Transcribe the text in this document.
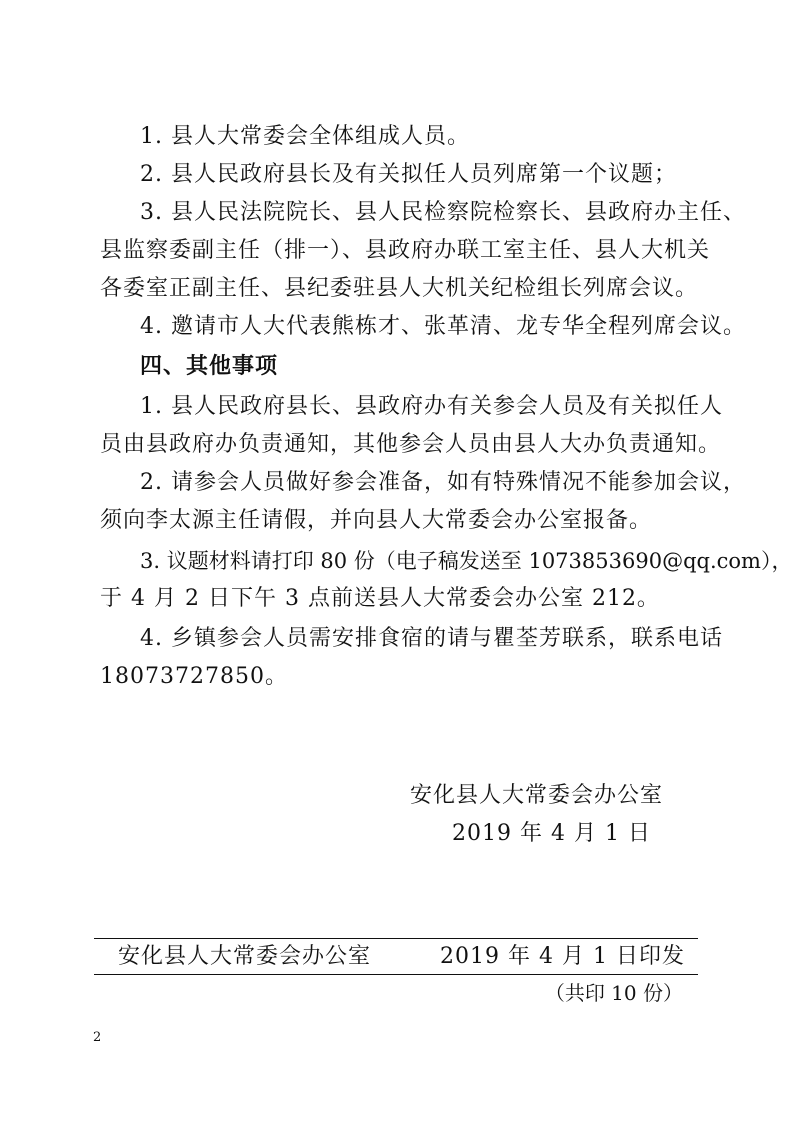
1. 县人大常委会全体组成人员。
2. 县人民政府县长及有关拟任人员列席第一个议题；
3. 县人民法院院长、县人民检察院检察长、县政府办主任、
县监察委副主任（排一）、县政府办联工室主任、县人大机关
各委室正副主任、县纪委驻县人大机关纪检组长列席会议。
4. 邀请市人大代表熊栋才、张革清、龙专华全程列席会议。
四、其他事项
1. 县人民政府县长、县政府办有关参会人员及有关拟任人
员由县政府办负责通知，其他参会人员由县人大办负责通知。
2. 请参会人员做好参会准备，如有特殊情况不能参加会议，
须向李太源主任请假，并向县人大常委会办公室报备。
3. 议题材料请打印 80 份（电子稿发送至 1073853690@qq.com），
于 4 月 2 日下午 3 点前送县人大常委会办公室 212。
4. 乡镇参会人员需安排食宿的请与瞿荃芳联系，联系电话
18073727850。
安化县人大常委会办公室
2019 年 4 月 1 日
安化县人大常委会办公室	2019 年 4 月 1 日印发
（共印 10 份）
2
